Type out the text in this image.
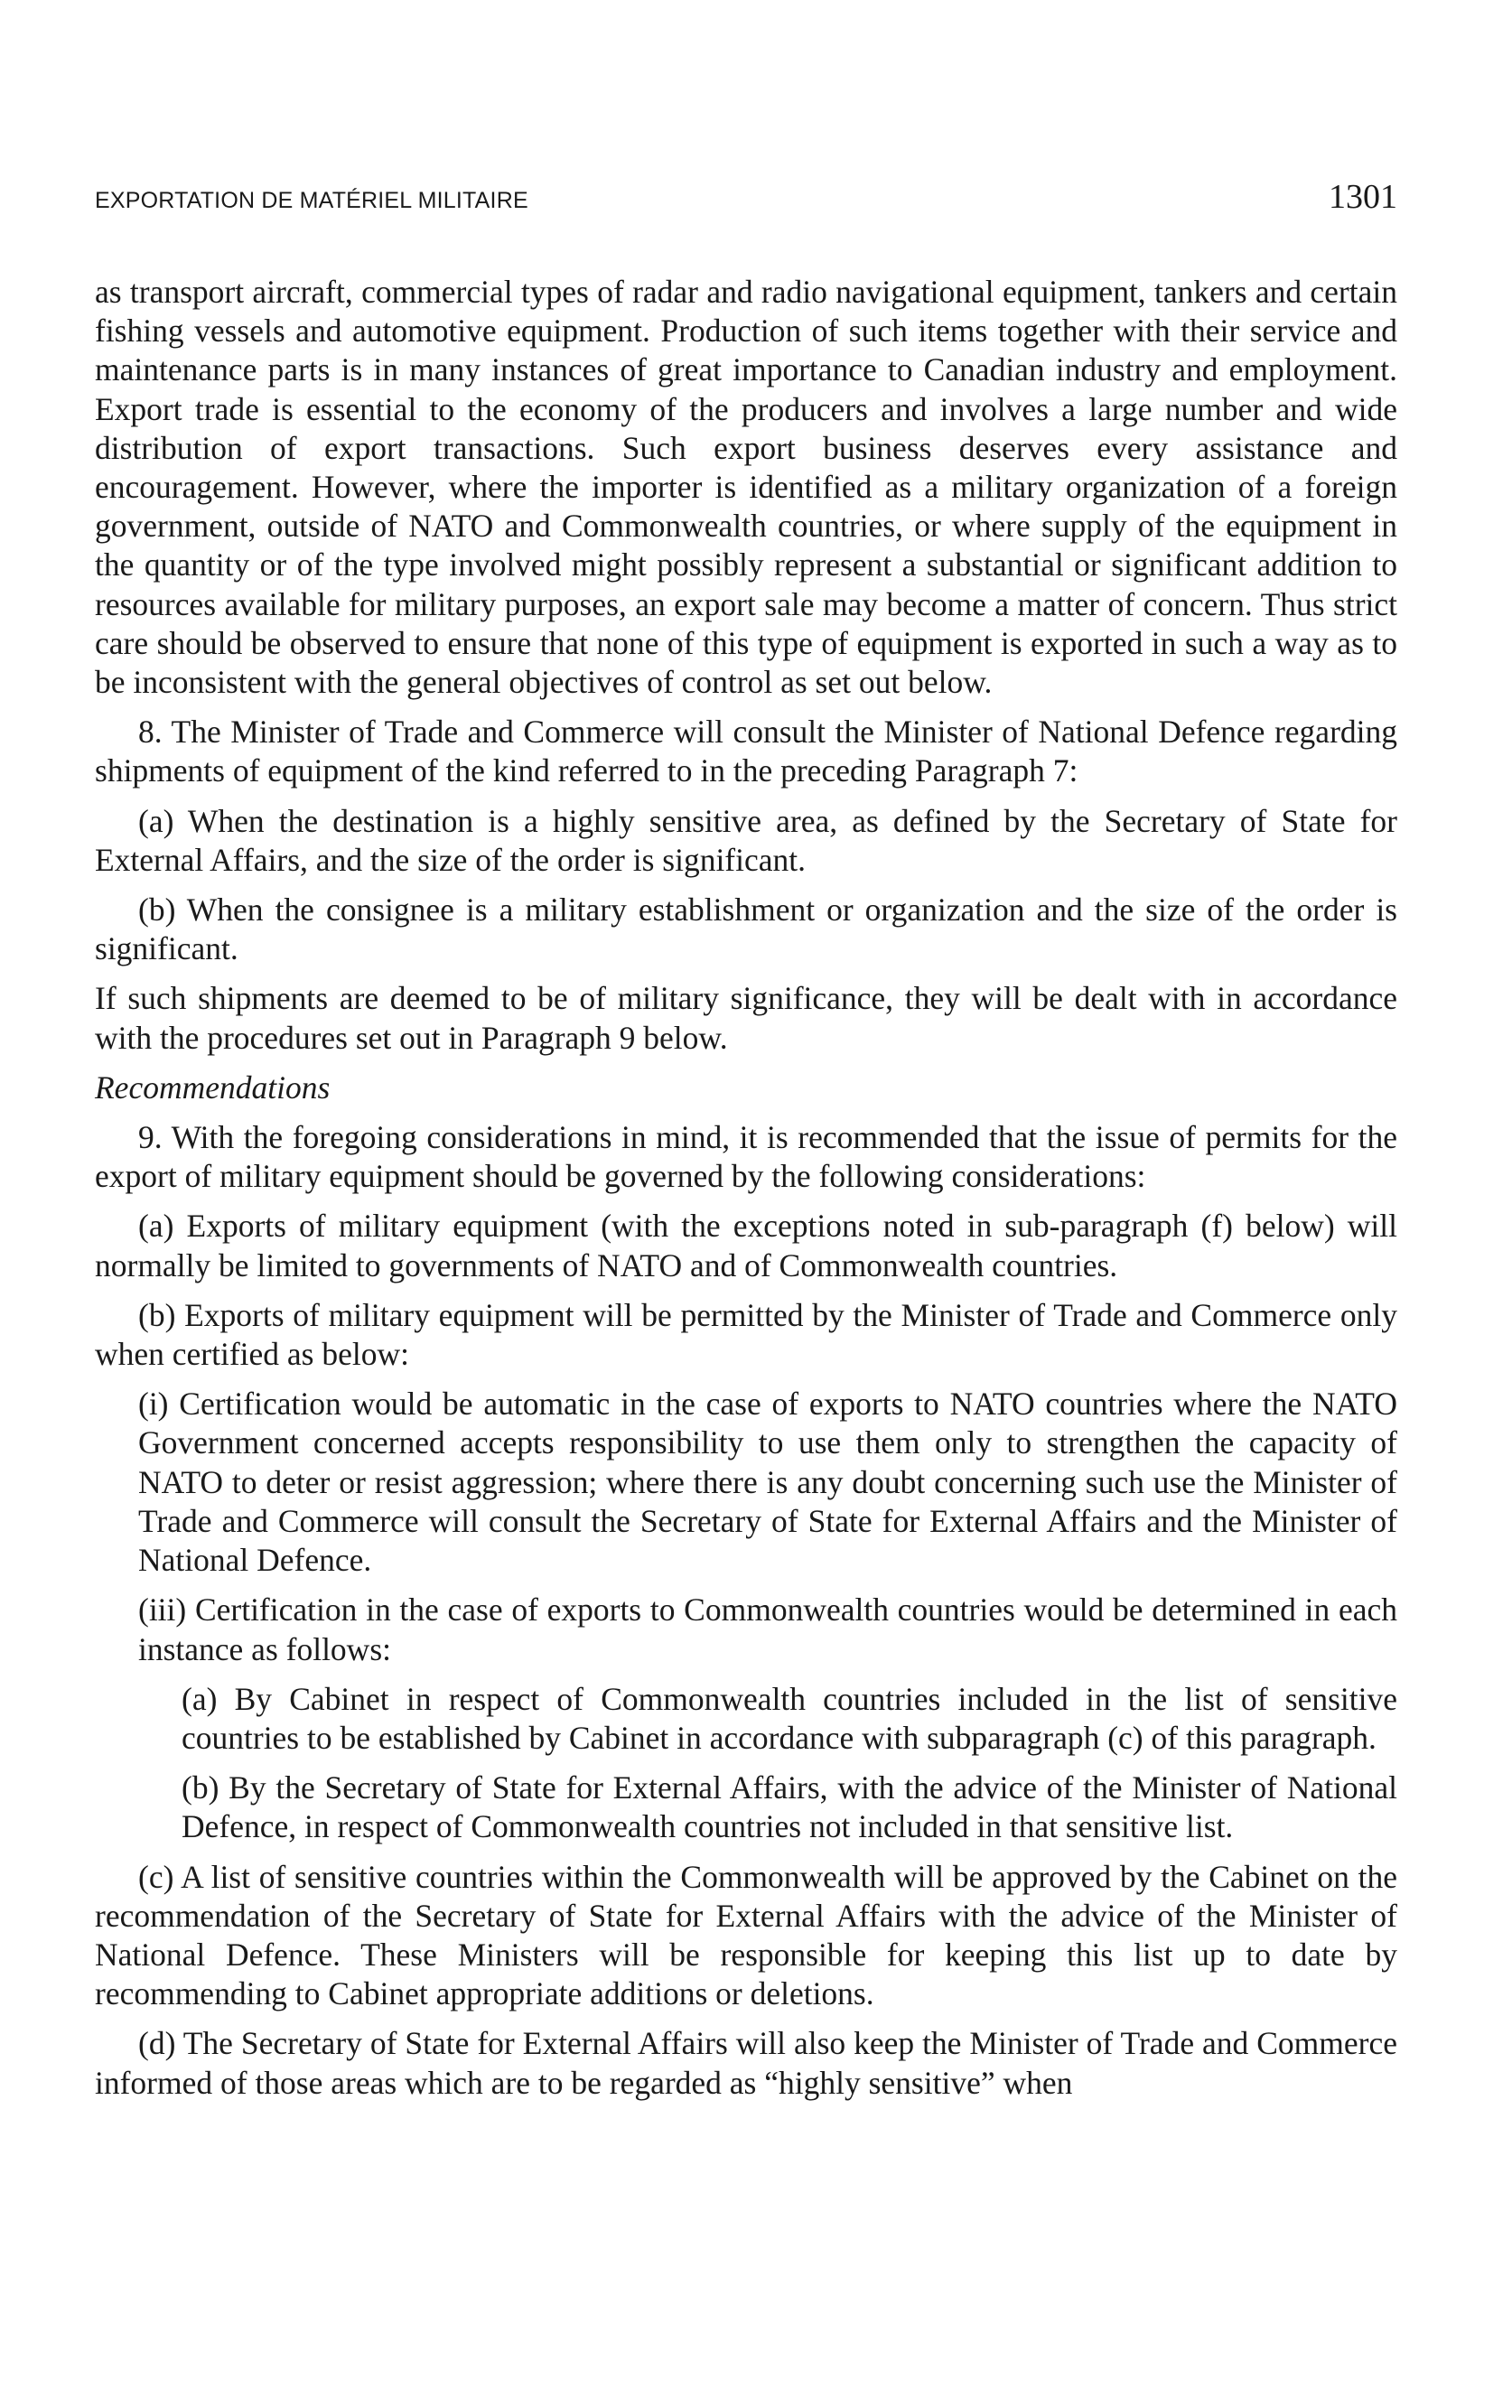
EXPORTATION DE MATÉRIEL MILITAIRE	1301

as transport aircraft, commercial types of radar and radio navigational equipment, tankers and certain fishing vessels and automotive equipment. Production of such items together with their service and maintenance parts is in many instances of great importance to Canadian industry and employment. Export trade is essential to the economy of the producers and involves a large number and wide distribution of export transactions. Such export business deserves every assistance and encouragement. However, where the importer is identified as a military organization of a foreign government, outside of NATO and Commonwealth countries, or where supply of the equipment in the quantity or of the type involved might possibly represent a substantial or significant addition to resources available for military purposes, an export sale may become a matter of concern. Thus strict care should be observed to ensure that none of this type of equipment is exported in such a way as to be inconsistent with the general objectives of control as set out below.

8. The Minister of Trade and Commerce will consult the Minister of National Defence regarding shipments of equipment of the kind referred to in the preceding Paragraph 7:

(a) When the destination is a highly sensitive area, as defined by the Secretary of State for External Affairs, and the size of the order is significant.

(b) When the consignee is a military establishment or organization and the size of the order is significant.

If such shipments are deemed to be of military significance, they will be dealt with in accordance with the procedures set out in Paragraph 9 below.

Recommendations

9. With the foregoing considerations in mind, it is recommended that the issue of permits for the export of military equipment should be governed by the following considerations:

(a) Exports of military equipment (with the exceptions noted in sub-paragraph (f) below) will normally be limited to governments of NATO and of Commonwealth countries.

(b) Exports of military equipment will be permitted by the Minister of Trade and Commerce only when certified as below:

(i) Certification would be automatic in the case of exports to NATO countries where the NATO Government concerned accepts responsibility to use them only to strengthen the capacity of NATO to deter or resist aggression; where there is any doubt concerning such use the Minister of Trade and Commerce will consult the Secretary of State for External Affairs and the Minister of National Defence.

(iii) Certification in the case of exports to Commonwealth countries would be determined in each instance as follows:

(a) By Cabinet in respect of Commonwealth countries included in the list of sensitive countries to be established by Cabinet in accordance with subparagraph (c) of this paragraph.

(b) By the Secretary of State for External Affairs, with the advice of the Minister of National Defence, in respect of Commonwealth countries not included in that sensitive list.

(c) A list of sensitive countries within the Commonwealth will be approved by the Cabinet on the recommendation of the Secretary of State for External Affairs with the advice of the Minister of National Defence. These Ministers will be responsible for keeping this list up to date by recommending to Cabinet appropriate additions or deletions.

(d) The Secretary of State for External Affairs will also keep the Minister of Trade and Commerce informed of those areas which are to be regarded as “highly sensitive” when
